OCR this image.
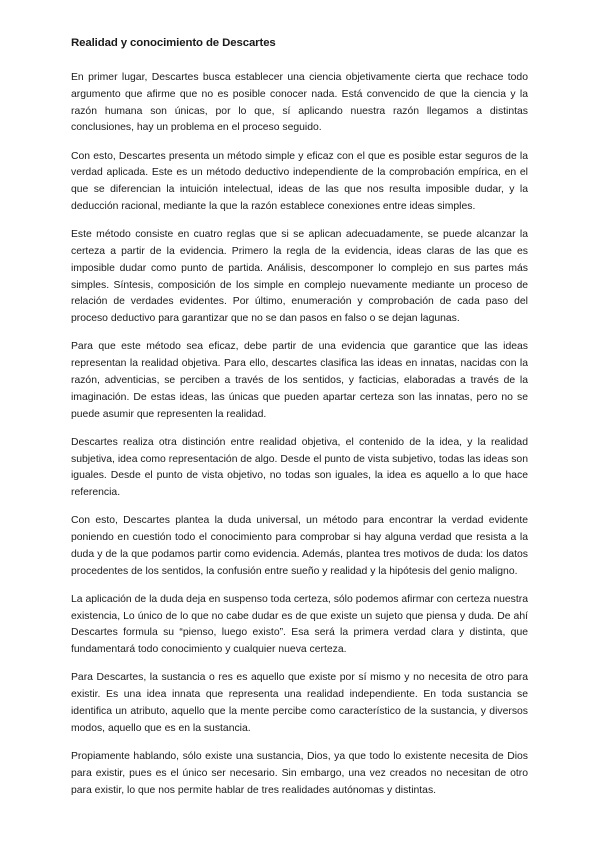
Realidad y conocimiento de Descartes

En primer lugar, Descartes busca establecer una ciencia objetivamente cierta que rechace todo argumento que afirme que no es posible conocer nada. Está convencido de que la ciencia y la razón humana son únicas, por lo que, sí aplicando nuestra razón llegamos a distintas conclusiones, hay un problema en el proceso seguido.

Con esto, Descartes presenta un método simple y eficaz con el que es posible estar seguros de la verdad aplicada. Este es un método deductivo independiente de la comprobación empírica, en el que se diferencian la intuición intelectual, ideas de las que nos resulta imposible dudar, y la deducción racional, mediante la que la razón establece conexiones entre ideas simples.

Este método consiste en cuatro reglas que si se aplican adecuadamente, se puede alcanzar la certeza a partir de la evidencia. Primero la regla de la evidencia, ideas claras de las que es imposible dudar como punto de partida. Análisis, descomponer lo complejo en sus partes más simples. Síntesis, composición de los simple en complejo nuevamente mediante un proceso de relación de verdades evidentes. Por último, enumeración y comprobación de cada paso del proceso deductivo para garantizar que no se dan pasos en falso o se dejan lagunas.

Para que este método sea eficaz, debe partir de una evidencia que garantice que las ideas representan la realidad objetiva. Para ello, descartes clasifica las ideas en innatas, nacidas con la razón, adventicias, se perciben a través de los sentidos, y facticias, elaboradas a través de la imaginación. De estas ideas, las únicas que pueden apartar certeza son las innatas, pero no se puede asumir que representen la realidad.

Descartes realiza otra distinción entre realidad objetiva, el contenido de la idea, y la realidad subjetiva, idea como representación de algo. Desde el punto de vista subjetivo, todas las ideas son iguales. Desde el punto de vista objetivo, no todas son iguales, la idea es aquello a lo que hace referencia.

Con esto, Descartes plantea la duda universal, un método para encontrar la verdad evidente poniendo en cuestión todo el conocimiento para comprobar si hay alguna verdad que resista a la duda y de la que podamos partir como evidencia. Además, plantea tres motivos de duda: los datos procedentes de los sentidos, la confusión entre sueño y realidad y la hipótesis del genio maligno.

La aplicación de la duda deja en suspenso toda certeza, sólo podemos afirmar con certeza nuestra existencia, Lo único de lo que no cabe dudar es de que existe un sujeto que piensa y duda. De ahí Descartes formula su “pienso, luego existo”. Esa será la primera verdad clara y distinta, que fundamentará todo conocimiento y cualquier nueva certeza.

Para Descartes, la sustancia o res es aquello que existe por sí mismo y no necesita de otro para existir. Es una idea innata que representa una realidad independiente. En toda sustancia se identifica un atributo, aquello que la mente percibe como característico de la sustancia, y diversos modos, aquello que es en la sustancia.

Propiamente hablando, sólo existe una sustancia, Dios, ya que todo lo existente necesita de Dios para existir, pues es el único ser necesario. Sin embargo, una vez creados no necesitan de otro para existir, lo que nos permite hablar de tres realidades autónomas y distintas.
